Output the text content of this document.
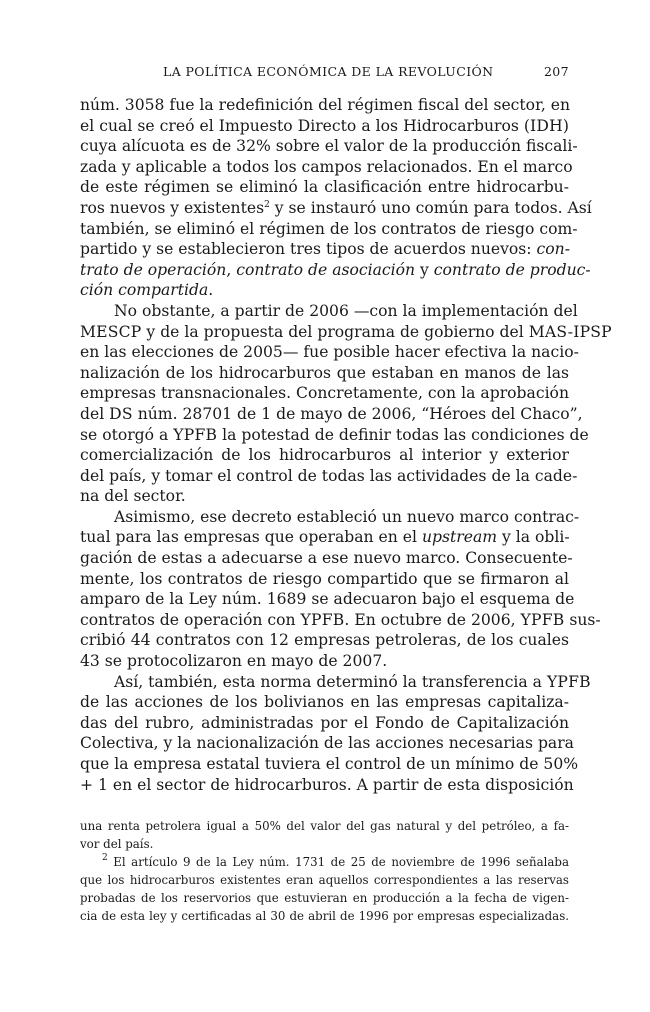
LA POLÍTICA ECONÓMICA DE LA REVOLUCIÓN	207
núm. 3058 fue la redefinición del régimen fiscal del sector, en
el cual se creó el Impuesto Directo a los Hidrocarburos (IDH)
cuya alícuota es de 32% sobre el valor de la producción fiscali-
zada y aplicable a todos los campos relacionados. En el marco
de este régimen se eliminó la clasificación entre hidrocarbu-
ros nuevos y existentes$^2$ y se instauró uno común para todos. Así
también, se eliminó el régimen de los contratos de riesgo com-
partido y se establecieron tres tipos de acuerdos nuevos: con-
trato de operación, contrato de asociación y contrato de produc-
ción compartida.
No obstante, a partir de 2006 —con la implementación del
MESCP y de la propuesta del programa de gobierno del MAS-IPSP
en las elecciones de 2005— fue posible hacer efectiva la nacio-
nalización de los hidrocarburos que estaban en manos de las
empresas transnacionales. Concretamente, con la aprobación
del DS núm. 28701 de 1 de mayo de 2006, “Héroes del Chaco”,
se otorgó a YPFB la potestad de definir todas las condiciones de
comercialización de los hidrocarburos al interior y exterior
del país, y tomar el control de todas las actividades de la cade-
na del sector.
Asimismo, ese decreto estableció un nuevo marco contrac-
tual para las empresas que operaban en el upstream y la obli-
gación de estas a adecuarse a ese nuevo marco. Consecuente-
mente, los contratos de riesgo compartido que se firmaron al
amparo de la Ley núm. 1689 se adecuaron bajo el esquema de
contratos de operación con YPFB. En octubre de 2006, YPFB sus-
cribió 44 contratos con 12 empresas petroleras, de los cuales
43 se protocolizaron en mayo de 2007.
Así, también, esta norma determinó la transferencia a YPFB
de las acciones de los bolivianos en las empresas capitaliza-
das del rubro, administradas por el Fondo de Capitalización
Colectiva, y la nacionalización de las acciones necesarias para
que la empresa estatal tuviera el control de un mínimo de 50%
+ 1 en el sector de hidrocarburos. A partir de esta disposición
una renta petrolera igual a 50% del valor del gas natural y del petróleo, a fa-
vor del país.
$^2$ El artículo 9 de la Ley núm. 1731 de 25 de noviembre de 1996 señalaba
que los hidrocarburos existentes eran aquellos correspondientes a las reservas
probadas de los reservorios que estuvieran en producción a la fecha de vigen-
cia de esta ley y certificadas al 30 de abril de 1996 por empresas especializadas.
